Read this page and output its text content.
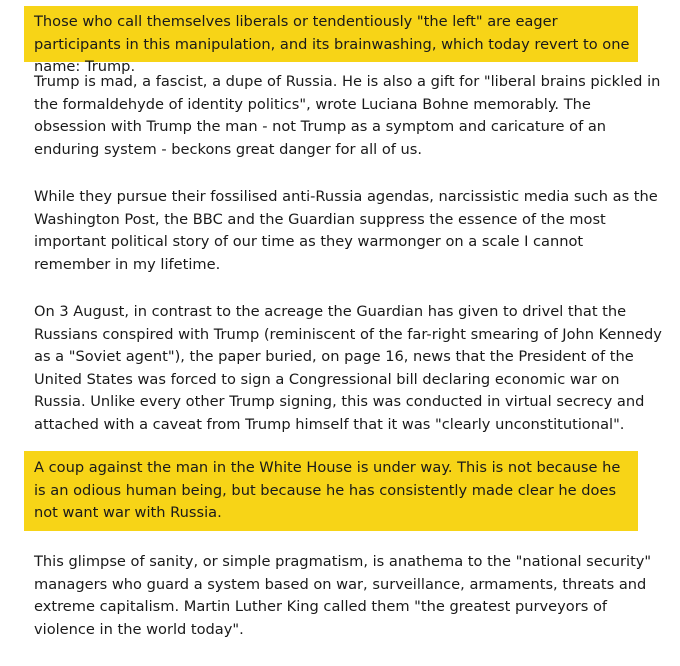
Those who call themselves liberals or tendentiously "the left" are eager participants in this manipulation, and its brainwashing, which today revert to one name: Trump.

Trump is mad, a fascist, a dupe of Russia. He is also a gift for "liberal brains pickled in the formaldehyde of identity politics", wrote Luciana Bohne memorably. The obsession with Trump the man - not Trump as a symptom and caricature of an enduring system - beckons great danger for all of us.

While they pursue their fossilised anti-Russia agendas, narcissistic media such as the Washington Post, the BBC and the Guardian suppress the essence of the most important political story of our time as they warmonger on a scale I cannot remember in my lifetime.

On 3 August, in contrast to the acreage the Guardian has given to drivel that the Russians conspired with Trump (reminiscent of the far-right smearing of John Kennedy as a "Soviet agent"), the paper buried, on page 16, news that the President of the United States was forced to sign a Congressional bill declaring economic war on Russia. Unlike every other Trump signing, this was conducted in virtual secrecy and attached with a caveat from Trump himself that it was "clearly unconstitutional".

A coup against the man in the White House is under way. This is not because he is an odious human being, but because he has consistently made clear he does not want war with Russia.

This glimpse of sanity, or simple pragmatism, is anathema to the "national security" managers who guard a system based on war, surveillance, armaments, threats and extreme capitalism. Martin Luther King called them "the greatest purveyors of violence in the world today".
